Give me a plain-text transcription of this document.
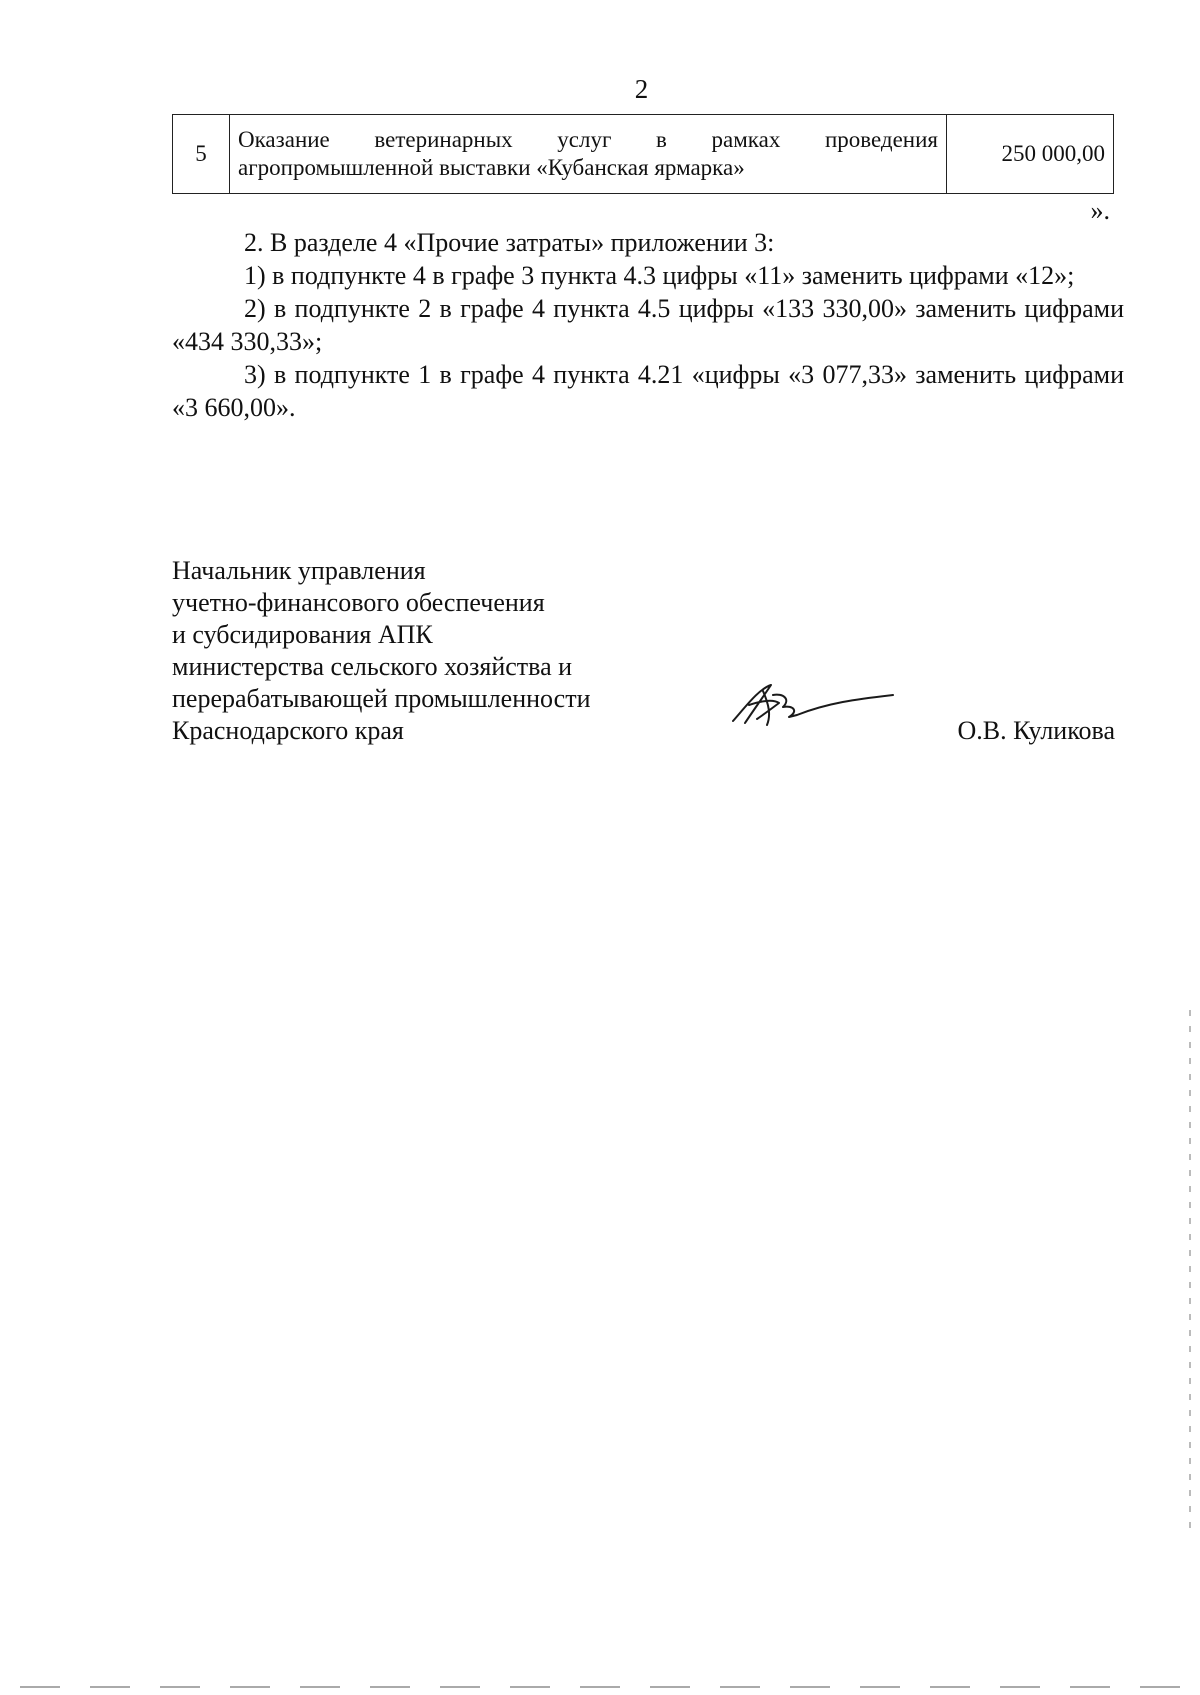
2
5	Оказание ветеринарных услуг в рамках проведения агропромышленной выставки «Кубанская ярмарка»	250 000,00
».

2. В разделе 4 «Прочие затраты» приложении 3:

1) в подпункте 4 в графе 3 пункта 4.3 цифры «11» заменить цифрами «12»;

2) в подпункте 2 в графе 4 пункта 4.5 цифры «133 330,00» заменить цифрами «434 330,33»;

3) в подпункте 1 в графе 4 пункта 4.21 «цифры «3 077,33» заменить цифрами «3 660,00».

Начальник управления
учетно-финансового обеспечения
и субсидирования АПК
министерства сельского хозяйства и
перерабатывающей промышленности
Краснодарского края	О.В. Куликова
